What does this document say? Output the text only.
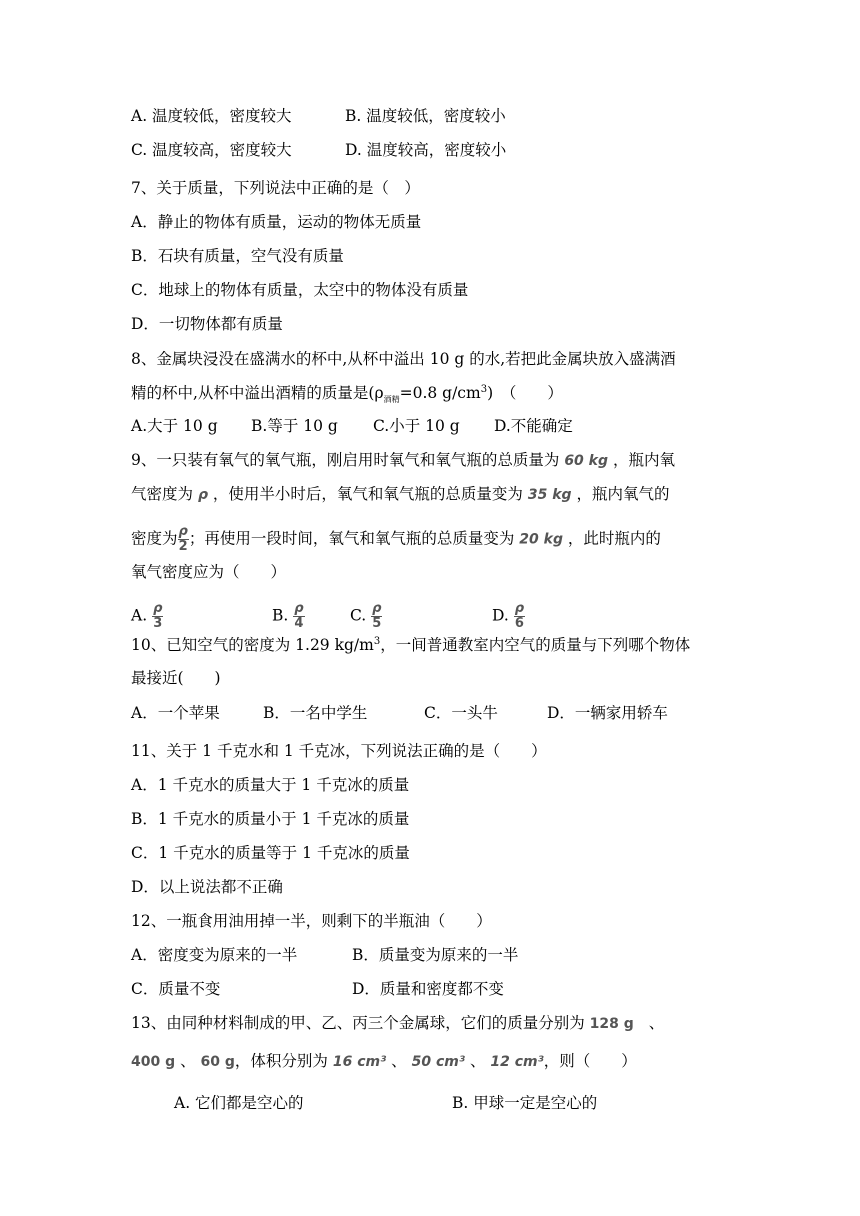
A. 温度较低，密度较大	B. 温度较低，密度较小
C. 温度较高，密度较大	D. 温度较高，密度较小
7、关于质量，下列说法中正确的是（　）
A．静止的物体有质量，运动的物体无质量
B．石块有质量，空气没有质量
C．地球上的物体有质量，太空中的物体没有质量
D．一切物体都有质量
8、金属块浸没在盛满水的杯中,从杯中溢出 10 g 的水,若把此金属块放入盛满酒
精的杯中,从杯中溢出酒精的质量是($\rho_{酒精}=0.8$ $g/cm^3$)　（　　）
A.大于 10 g B.等于 10 g C.小于 10 g D.不能确定
9、一只装有氧气的氧气瓶，刚启用时氧气和氧气瓶的总质量为 60 kg ，瓶内氧
气密度为 ρ ，使用半小时后，氧气和氧气瓶的总质量变为 35 kg ，瓶内氧气的
密度为 $\frac{\rho}{2}$ ；再使用一段时间，氧气和氧气瓶的总质量变为 20 kg ，此时瓶内的
氧气密度应为（　　）
A. $\frac{\rho}{3}$	B. $\frac{\rho}{4}$	C. $\frac{\rho}{5}$	D. $\frac{\rho}{6}$
10、已知空气的密度为 1.29 $kg/m^3$，一间普通教室内空气的质量与下列哪个物体
最接近(　　)
A．一个苹果	B．一名中学生	C．一头牛	D．一辆家用轿车
11、关于 1 千克水和 1 千克冰，下列说法正确的是（　　）
A．1 千克水的质量大于 1 千克冰的质量
B．1 千克水的质量小于 1 千克冰的质量
C．1 千克水的质量等于 1 千克冰的质量
D．以上说法都不正确
12、一瓶食用油用掉一半，则剩下的半瓶油（　　）
A．密度变为原来的一半	B．质量变为原来的一半
C．质量不变	D．质量和密度都不变
13、由同种材料制成的甲、乙、丙三个金属球，它们的质量分别为 128 g 、
400 g 、 60 g，体积分别为 16 cm³ 、 50 cm³ 、 12 cm³，则（　　）
A. 它们都是空心的	B. 甲球一定是空心的
